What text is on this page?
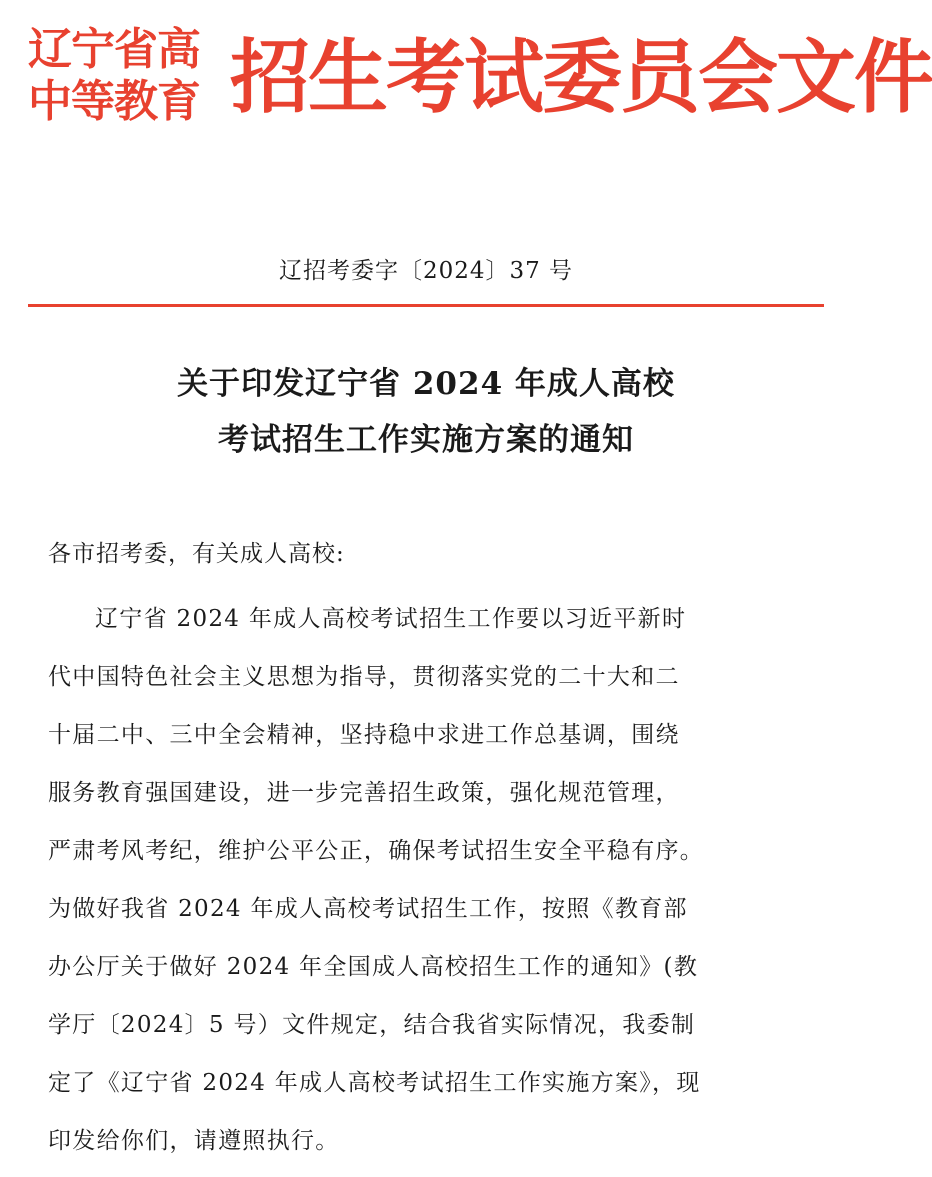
辽宁省高
中等教育 招生考试委员会文件
辽招考委字〔2024〕37 号
关于印发辽宁省 2024 年成人高校
考试招生工作实施方案的通知
各市招考委，有关成人高校:
辽宁省 2024 年成人高校考试招生工作要以习近平新时
代中国特色社会主义思想为指导，贯彻落实党的二十大和二
十届二中、三中全会精神，坚持稳中求进工作总基调，围绕
服务教育强国建设，进一步完善招生政策，强化规范管理，
严肃考风考纪，维护公平公正，确保考试招生安全平稳有序。
为做好我省 2024 年成人高校考试招生工作，按照《教育部
办公厅关于做好 2024 年全国成人高校招生工作的通知》(教
学厅〔2024〕5 号）文件规定，结合我省实际情况，我委制
定了《辽宁省 2024 年成人高校考试招生工作实施方案》，现
印发给你们，请遵照执行。
